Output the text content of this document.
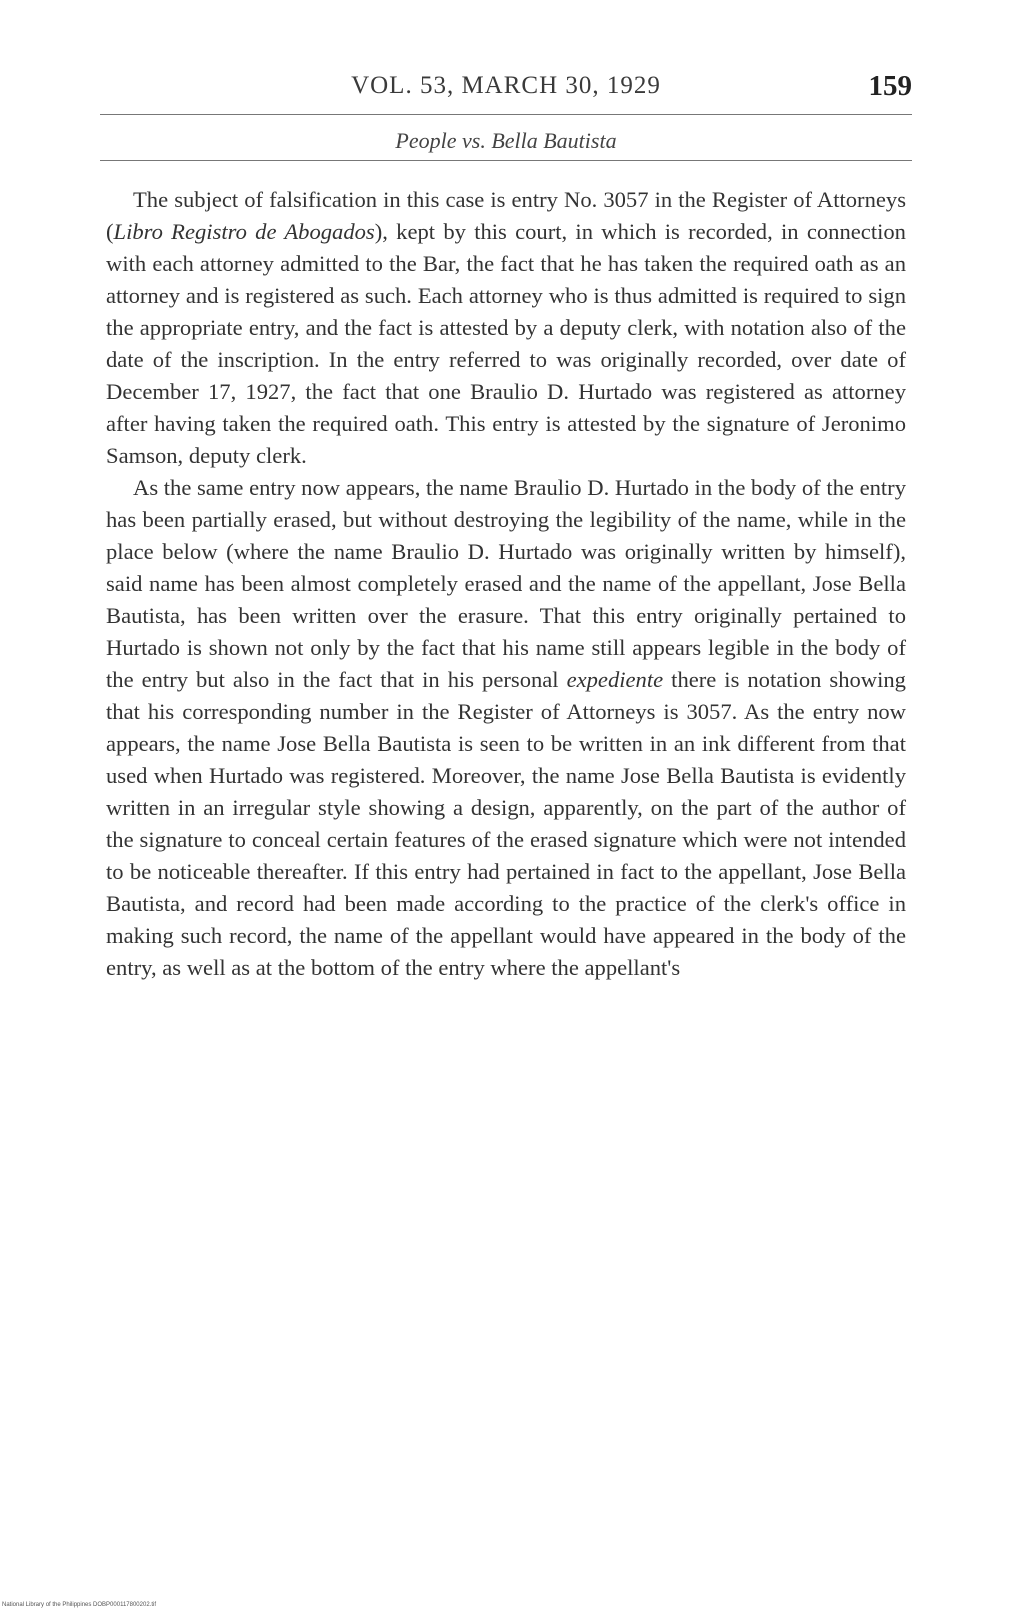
VOL. 53, MARCH 30, 1929	159
People vs. Bella Bautista

The subject of falsification in this case is entry No. 3057 in the Register of Attorneys (Libro Registro de Abogados), kept by this court, in which is recorded, in connection with each attorney admitted to the Bar, the fact that he has taken the required oath as an attorney and is registered as such. Each attorney who is thus admitted is required to sign the appropriate entry, and the fact is attested by a deputy clerk, with notation also of the date of the inscription. In the entry referred to was originally recorded, over date of December 17, 1927, the fact that one Braulio D. Hurtado was registered as attorney after having taken the required oath. This entry is attested by the signature of Jeronimo Samson, deputy clerk.

As the same entry now appears, the name Braulio D. Hurtado in the body of the entry has been partially erased, but without destroying the legibility of the name, while in the place below (where the name Braulio D. Hurtado was originally written by himself), said name has been almost completely erased and the name of the appellant, Jose Bella Bautista, has been written over the erasure. That this entry originally pertained to Hurtado is shown not only by the fact that his name still appears legible in the body of the entry but also in the fact that in his personal expediente there is notation showing that his corresponding number in the Register of Attorneys is 3057. As the entry now appears, the name Jose Bella Bautista is seen to be written in an ink different from that used when Hurtado was registered. Moreover, the name Jose Bella Bautista is evidently written in an irregular style showing a design, apparently, on the part of the author of the signature to conceal certain features of the erased signature which were not intended to be noticeable thereafter. If this entry had pertained in fact to the appellant, Jose Bella Bautista, and record had been made according to the practice of the clerk's office in making such record, the name of the appellant would have appeared in the body of the entry, as well as at the bottom of the entry where the appellant's

National Library of the Philippines DOBP000117800202.tif
